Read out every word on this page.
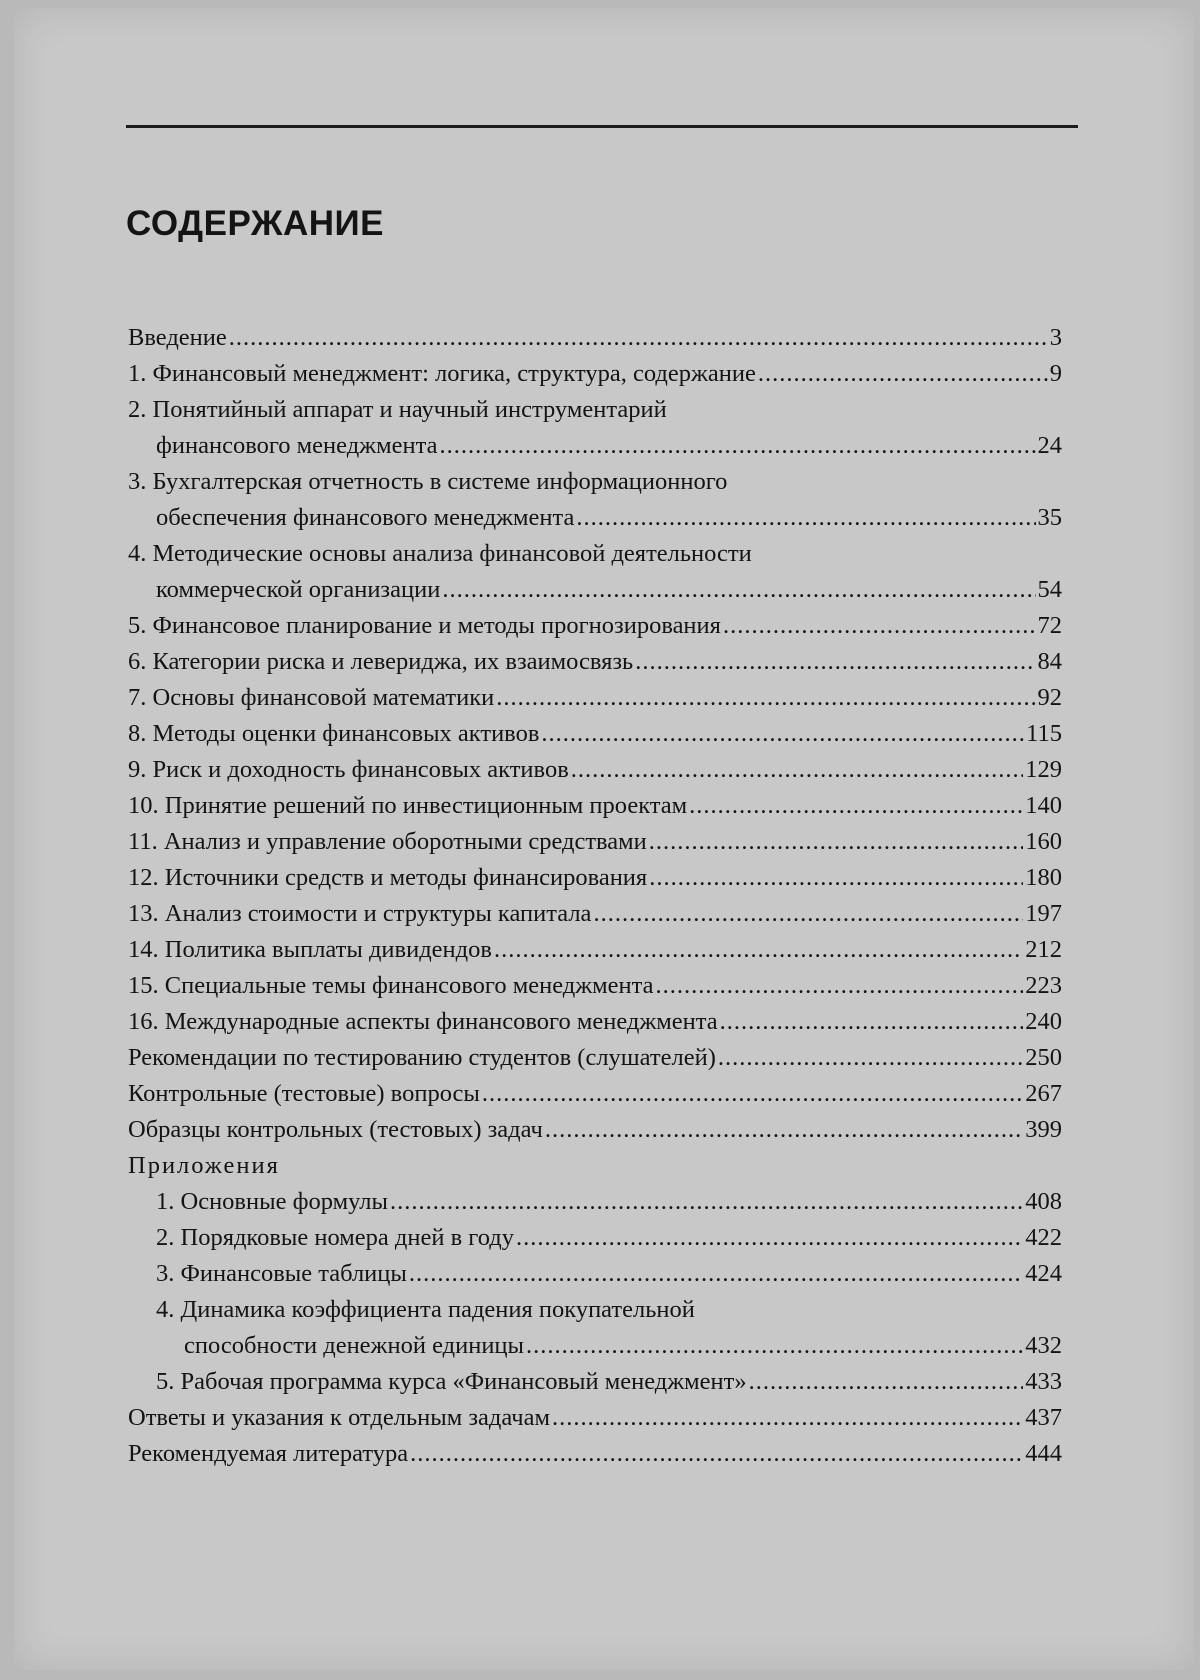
СОДЕРЖАНИЕ
Введение .....	3
1. Финансовый менеджмент: логика, структура, содержание .....	9
2. Понятийный аппарат и научный инструментарий
финансового менеджмента .....	24
3. Бухгалтерская отчетность в системе информационного
обеспечения финансового менеджмента .....	35
4. Методические основы анализа финансовой деятельности
коммерческой организации .....	54
5. Финансовое планирование и методы прогнозирования .....	72
6. Категории риска и левериджа, их взаимосвязь .....	84
7. Основы финансовой математики .....	92
8. Методы оценки финансовых активов .....	115
9. Риск и доходность финансовых активов .....	129
10. Принятие решений по инвестиционным проектам .....	140
11. Анализ и управление оборотными средствами .....	160
12. Источники средств и методы финансирования .....	180
13. Анализ стоимости и структуры капитала .....	197
14. Политика выплаты дивидендов .....	212
15. Специальные темы финансового менеджмента .....	223
16. Международные аспекты финансового менеджмента .....	240
Рекомендации по тестированию студентов (слушателей) .....	250
Контрольные (тестовые) вопросы .....	267
Образцы контрольных (тестовых) задач .....	399
Приложения
1. Основные формулы .....	408
2. Порядковые номера дней в году .....	422
3. Финансовые таблицы .....	424
4. Динамика коэффициента падения покупательной
способности денежной единицы .....	432
5. Рабочая программа курса «Финансовый менеджмент» .....	433
Ответы и указания к отдельным задачам .....	437
Рекомендуемая литература .....	444
